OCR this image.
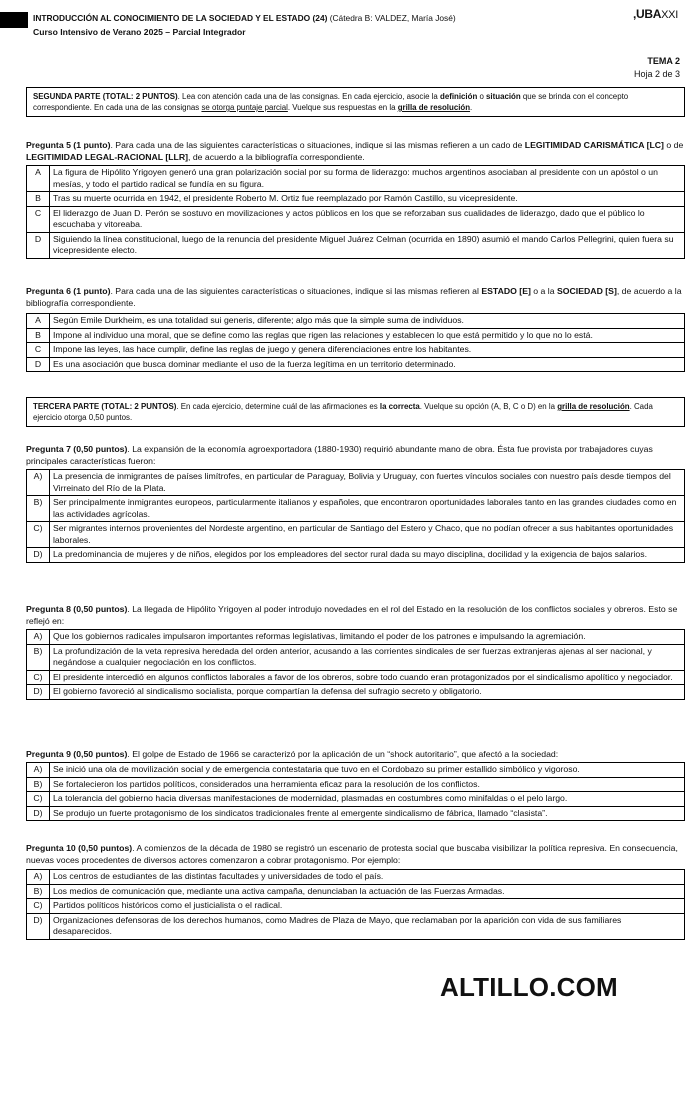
INTRODUCCIÓN AL CONOCIMIENTO DE LA SOCIEDAD Y EL ESTADO (24) (Cátedra B: VALDEZ, María José)
Curso Intensivo de Verano 2025 – Parcial Integrador
,UBAXXI
TEMA 2
Hoja 2 de 3
SEGUNDA PARTE (TOTAL: 2 PUNTOS). Lea con atención cada una de las consignas. En cada ejercicio, asocie la definición o situación que se brinda con el concepto correspondiente. En cada una de las consignas se otorga puntaje parcial. Vuelque sus respuestas en la grilla de resolución.
Pregunta 5 (1 punto). Para cada una de las siguientes características o situaciones, indique si las mismas refieren a un cado de LEGITIMIDAD CARISMÁTICA [LC] o de LEGITIMIDAD LEGAL-RACIONAL [LLR], de acuerdo a la bibliografía correspondiente.
A	La figura de Hipólito Yrigoyen generó una gran polarización social por su forma de liderazgo: muchos argentinos asociaban al presidente con un apóstol o un mesías, y todo el partido radical se fundía en su figura.
B	Tras su muerte ocurrida en 1942, el presidente Roberto M. Ortiz fue reemplazado por Ramón Castillo, su vicepresidente.
C	El liderazgo de Juan D. Perón se sostuvo en movilizaciones y actos públicos en los que se reforzaban sus cualidades de liderazgo, dado que el público lo escuchaba y vitoreaba.
D	Siguiendo la línea constitucional, luego de la renuncia del presidente Miguel Juárez Celman (ocurrida en 1890) asumió el mando Carlos Pellegrini, quien fuera su vicepresidente electo.
Pregunta 6 (1 punto). Para cada una de las siguientes características o situaciones, indique si las mismas refieren al ESTADO [E] o a la SOCIEDAD [S], de acuerdo a la bibliografía correspondiente.
A	Según Emile Durkheim, es una totalidad sui generis, diferente; algo más que la simple suma de individuos.
B	Impone al individuo una moral, que se define como las reglas que rigen las relaciones y establecen lo que está permitido y lo que no lo está.
C	Impone las leyes, las hace cumplir, define las reglas de juego y genera diferenciaciones entre los habitantes.
D	Es una asociación que busca dominar mediante el uso de la fuerza legítima en un territorio determinado.
TERCERA PARTE (TOTAL: 2 PUNTOS). En cada ejercicio, determine cuál de las afirmaciones es la correcta. Vuelque su opción (A, B, C o D) en la grilla de resolución. Cada ejercicio otorga 0,50 puntos.
Pregunta 7 (0,50 puntos). La expansión de la economía agroexportadora (1880-1930) requirió abundante mano de obra. Ésta fue provista por trabajadores cuyas principales características fueron:
A)	La presencia de inmigrantes de países limítrofes, en particular de Paraguay, Bolivia y Uruguay, con fuertes vínculos sociales con nuestro país desde tiempos del Virreinato del Río de la Plata.
B)	Ser principalmente inmigrantes europeos, particularmente italianos y españoles, que encontraron oportunidades laborales tanto en las grandes ciudades como en las actividades agrícolas.
C)	Ser migrantes internos provenientes del Nordeste argentino, en particular de Santiago del Estero y Chaco, que no podían ofrecer a sus habitantes oportunidades laborales.
D)	La predominancia de mujeres y de niños, elegidos por los empleadores del sector rural dada su mayo disciplina, docilidad y la exigencia de bajos salarios.
Pregunta 8 (0,50 puntos). La llegada de Hipólito Yrigoyen al poder introdujo novedades en el rol del Estado en la resolución de los conflictos sociales y obreros. Esto se reflejó en:
A)	Que los gobiernos radicales impulsaron importantes reformas legislativas, limitando el poder de los patrones e impulsando la agremiación.
B)	La profundización de la veta represiva heredada del orden anterior, acusando a las corrientes sindicales de ser fuerzas extranjeras ajenas al ser nacional, y negándose a cualquier negociación en los conflictos.
C)	El presidente intercedió en algunos conflictos laborales a favor de los obreros, sobre todo cuando eran protagonizados por el sindicalismo apolítico y negociador.
D)	El gobierno favoreció al sindicalismo socialista, porque compartían la defensa del sufragio secreto y obligatorio.
Pregunta 9 (0,50 puntos). El golpe de Estado de 1966 se caracterizó por la aplicación de un “shock autoritario”, que afectó a la sociedad:
A)	Se inició una ola de movilización social y de emergencia contestataria que tuvo en el Cordobazo su primer estallido simbólico y vigoroso.
B)	Se fortalecieron los partidos políticos, considerados una herramienta eficaz para la resolución de los conflictos.
C)	La tolerancia del gobierno hacia diversas manifestaciones de modernidad, plasmadas en costumbres como minifaldas o el pelo largo.
D)	Se produjo un fuerte protagonismo de los sindicatos tradicionales frente al emergente sindicalismo de fábrica, llamado “clasista”.
Pregunta 10 (0,50 puntos). A comienzos de la década de 1980 se registró un escenario de protesta social que buscaba visibilizar la política represiva. En consecuencia, nuevas voces procedentes de diversos actores comenzaron a cobrar protagonismo. Por ejemplo:
A)	Los centros de estudiantes de las distintas facultades y universidades de todo el país.
B)	Los medios de comunicación que, mediante una activa campaña, denunciaban la actuación de las Fuerzas Armadas.
C)	Partidos políticos históricos como el justicialista o el radical.
D)	Organizaciones defensoras de los derechos humanos, como Madres de Plaza de Mayo, que reclamaban por la aparición con vida de sus familiares desaparecidos.
ALTILLO.COM
